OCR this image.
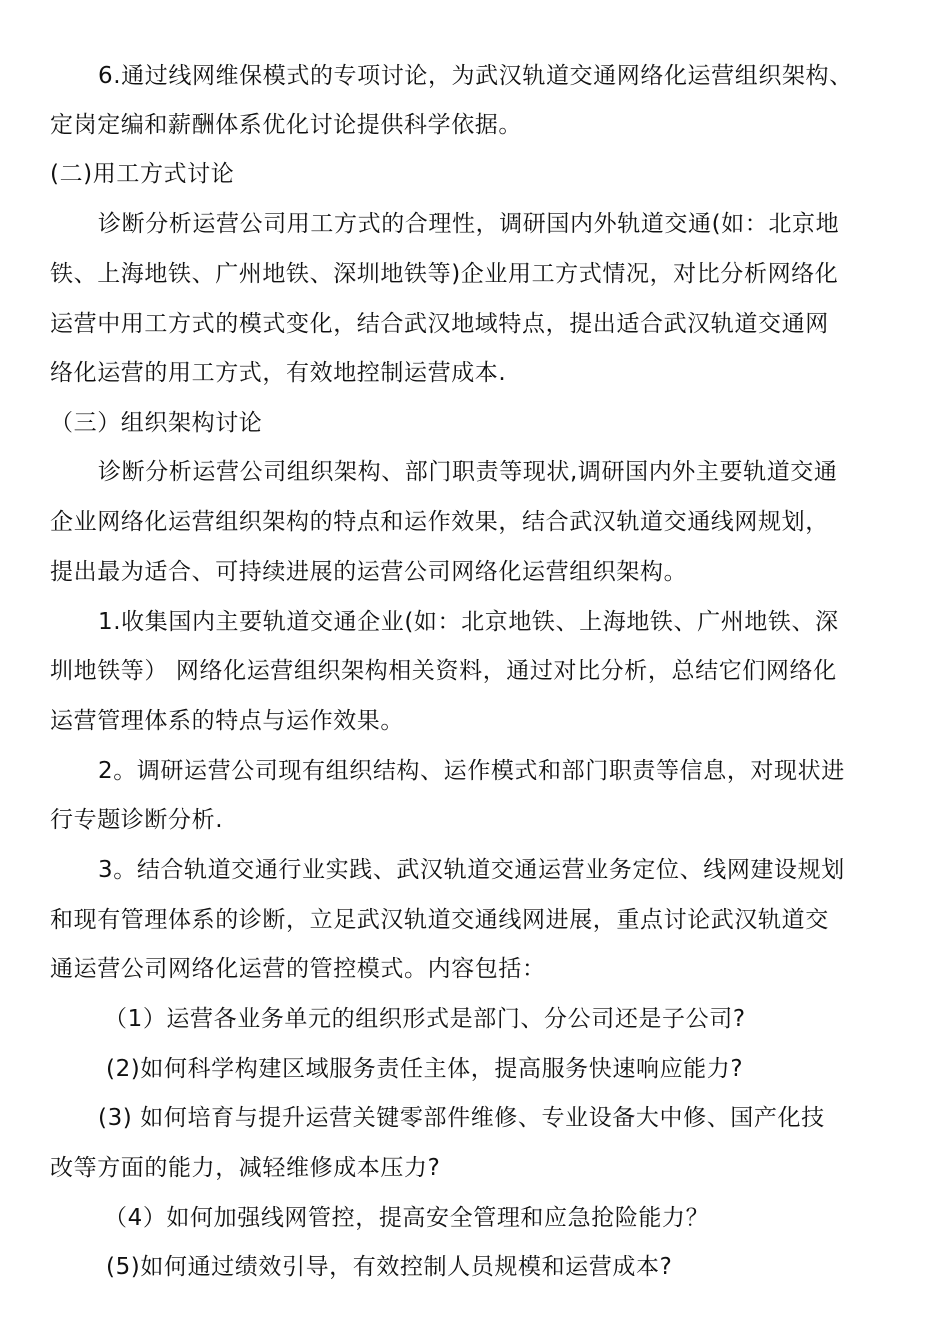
6.通过线网维保模式的专项讨论，为武汉轨道交通网络化运营组织架构、
定岗定编和薪酬体系优化讨论提供科学依据。
(二)用工方式讨论
诊断分析运营公司用工方式的合理性，调研国内外轨道交通(如：北京地
铁、上海地铁、广州地铁、深圳地铁等)企业用工方式情况，对比分析网络化
运营中用工方式的模式变化，结合武汉地域特点，提出适合武汉轨道交通网
络化运营的用工方式，有效地控制运营成本.
（三）组织架构讨论
诊断分析运营公司组织架构、部门职责等现状,调研国内外主要轨道交通
企业网络化运营组织架构的特点和运作效果，结合武汉轨道交通线网规划，
提出最为适合、可持续进展的运营公司网络化运营组织架构。
1.收集国内主要轨道交通企业(如：北京地铁、上海地铁、广州地铁、深
圳地铁等） 网络化运营组织架构相关资料，通过对比分析，总结它们网络化
运营管理体系的特点与运作效果。
2。调研运营公司现有组织结构、运作模式和部门职责等信息，对现状进
行专题诊断分析.
3。结合轨道交通行业实践、武汉轨道交通运营业务定位、线网建设规划
和现有管理体系的诊断，立足武汉轨道交通线网进展，重点讨论武汉轨道交
通运营公司网络化运营的管控模式。内容包括：
（1）运营各业务单元的组织形式是部门、分公司还是子公司?
(2)如何科学构建区域服务责任主体，提高服务快速响应能力?
(3) 如何培育与提升运营关键零部件维修、专业设备大中修、国产化技
改等方面的能力，减轻维修成本压力?
（4）如何加强线网管控，提高安全管理和应急抢险能力？
(5)如何通过绩效引导，有效控制人员规模和运营成本?
